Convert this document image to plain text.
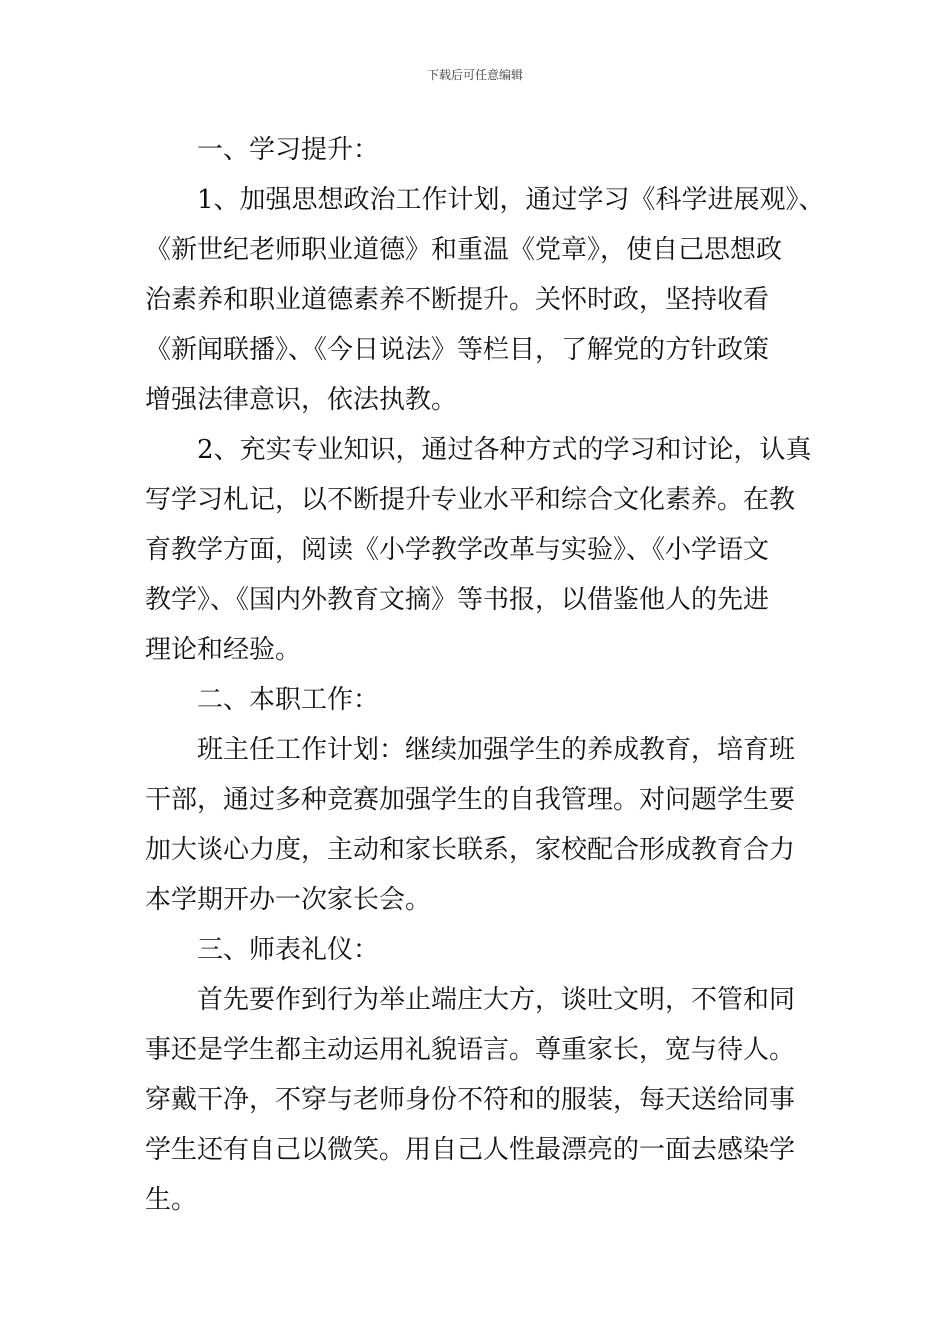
下载后可任意编辑
一、学习提升：
1、加强思想政治工作计划，通过学习《科学进展观》、
《新世纪老师职业道德》和重温《党章》，使自己思想政
治素养和职业道德素养不断提升。关怀时政，坚持收看
《新闻联播》、《今日说法》等栏目，了解党的方针政策
增强法律意识，依法执教。
2、充实专业知识，通过各种方式的学习和讨论，认真
写学习札记，以不断提升专业水平和综合文化素养。在教
育教学方面，阅读《小学教学改革与实验》、《小学语文
教学》、《国内外教育文摘》等书报，以借鉴他人的先进
理论和经验。
二、本职工作：
班主任工作计划：继续加强学生的养成教育，培育班
干部，通过多种竞赛加强学生的自我管理。对问题学生要
加大谈心力度，主动和家长联系，家校配合形成教育合力
本学期开办一次家长会。
三、师表礼仪：
首先要作到行为举止端庄大方，谈吐文明，不管和同
事还是学生都主动运用礼貌语言。尊重家长，宽与待人。
穿戴干净，不穿与老师身份不符和的服装，每天送给同事
学生还有自己以微笑。用自己人性最漂亮的一面去感染学
生。
